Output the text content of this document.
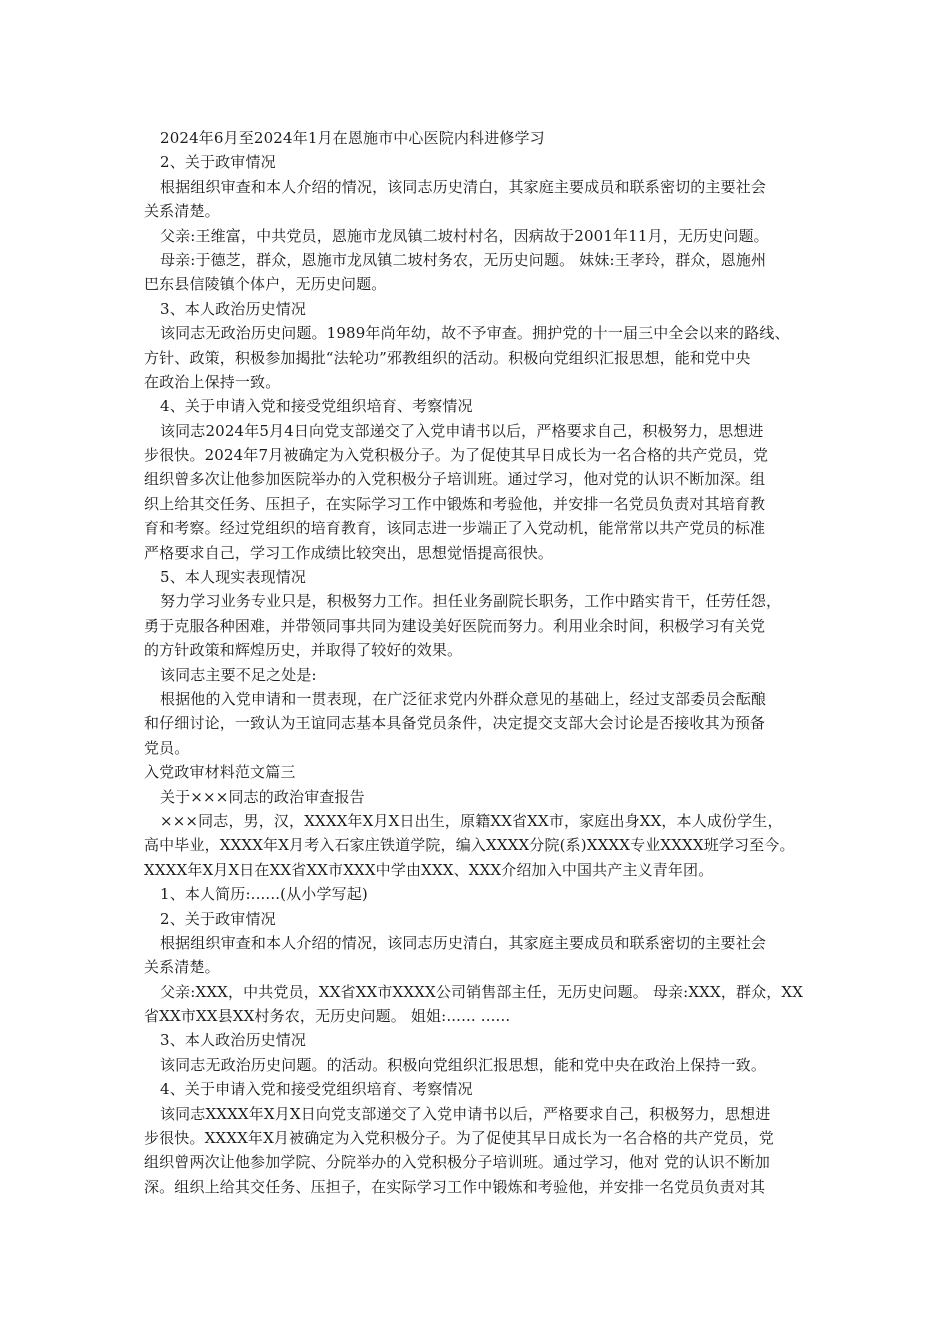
2024年6月至2024年1月在恩施市中心医院内科进修学习
2、关于政审情况
根据组织审查和本人介绍的情况，该同志历史清白，其家庭主要成员和联系密切的主要社会
关系清楚。
父亲:王维富，中共党员，恩施市龙凤镇二坡村村名，因病故于2001年11月，无历史问题。
母亲:于德芝，群众，恩施市龙凤镇二坡村务农，无历史问题。 妹妹:王孝玲，群众，恩施州
巴东县信陵镇个体户，无历史问题。
3、本人政治历史情况
该同志无政治历史问题。1989年尚年幼，故不予审查。拥护党的十一届三中全会以来的路线、
方针、政策，积极参加揭批“法轮功”邪教组织的活动。积极向党组织汇报思想，能和党中央
在政治上保持一致。
4、关于申请入党和接受党组织培育、考察情况
该同志2024年5月4日向党支部递交了入党申请书以后，严格要求自己，积极努力，思想进
步很快。2024年7月被确定为入党积极分子。为了促使其早日成长为一名合格的共产党员，党
组织曾多次让他参加医院举办的入党积极分子培训班。通过学习，他对党的认识不断加深。组
织上给其交任务、压担子，在实际学习工作中锻炼和考验他，并安排一名党员负责对其培育教
育和考察。经过党组织的培育教育，该同志进一步端正了入党动机，能常常以共产党员的标准
严格要求自己，学习工作成绩比较突出，思想觉悟提高很快。
5、本人现实表现情况
努力学习业务专业只是，积极努力工作。担任业务副院长职务，工作中踏实肯干，任劳任怨，
勇于克服各种困难，并带领同事共同为建设美好医院而努力。利用业余时间，积极学习有关党
的方针政策和辉煌历史，并取得了较好的效果。
该同志主要不足之处是:
根据他的入党申请和一贯表现，在广泛征求党内外群众意见的基础上，经过支部委员会酝酿
和仔细讨论，一致认为王谊同志基本具备党员条件，决定提交支部大会讨论是否接收其为预备
党员。
入党政审材料范文篇三
关于×××同志的政治审查报告
×××同志，男，汉，XXXX年X月X日出生，原籍XX省XX市，家庭出身XX，本人成份学生，
高中毕业，XXXX年X月考入石家庄铁道学院，编入XXXX分院(系)XXXX专业XXXX班学习至今。
XXXX年X月X日在XX省XX市XXX中学由XXX、XXX介绍加入中国共产主义青年团。
1、本人简历:......(从小学写起)
2、关于政审情况
根据组织审查和本人介绍的情况，该同志历史清白，其家庭主要成员和联系密切的主要社会
关系清楚。
父亲:XXX，中共党员，XX省XX市XXXX公司销售部主任，无历史问题。 母亲:XXX，群众，XX
省XX市XX县XX村务农，无历史问题。 姐姐:...... ......
3、本人政治历史情况
该同志无政治历史问题。的活动。积极向党组织汇报思想，能和党中央在政治上保持一致。
4、关于申请入党和接受党组织培育、考察情况
该同志XXXX年X月X日向党支部递交了入党申请书以后，严格要求自己，积极努力，思想进
步很快。XXXX年X月被确定为入党积极分子。为了促使其早日成长为一名合格的共产党员，党
组织曾两次让他参加学院、分院举办的入党积极分子培训班。通过学习，他对 党的认识不断加
深。组织上给其交任务、压担子，在实际学习工作中锻炼和考验他，并安排一名党员负责对其
